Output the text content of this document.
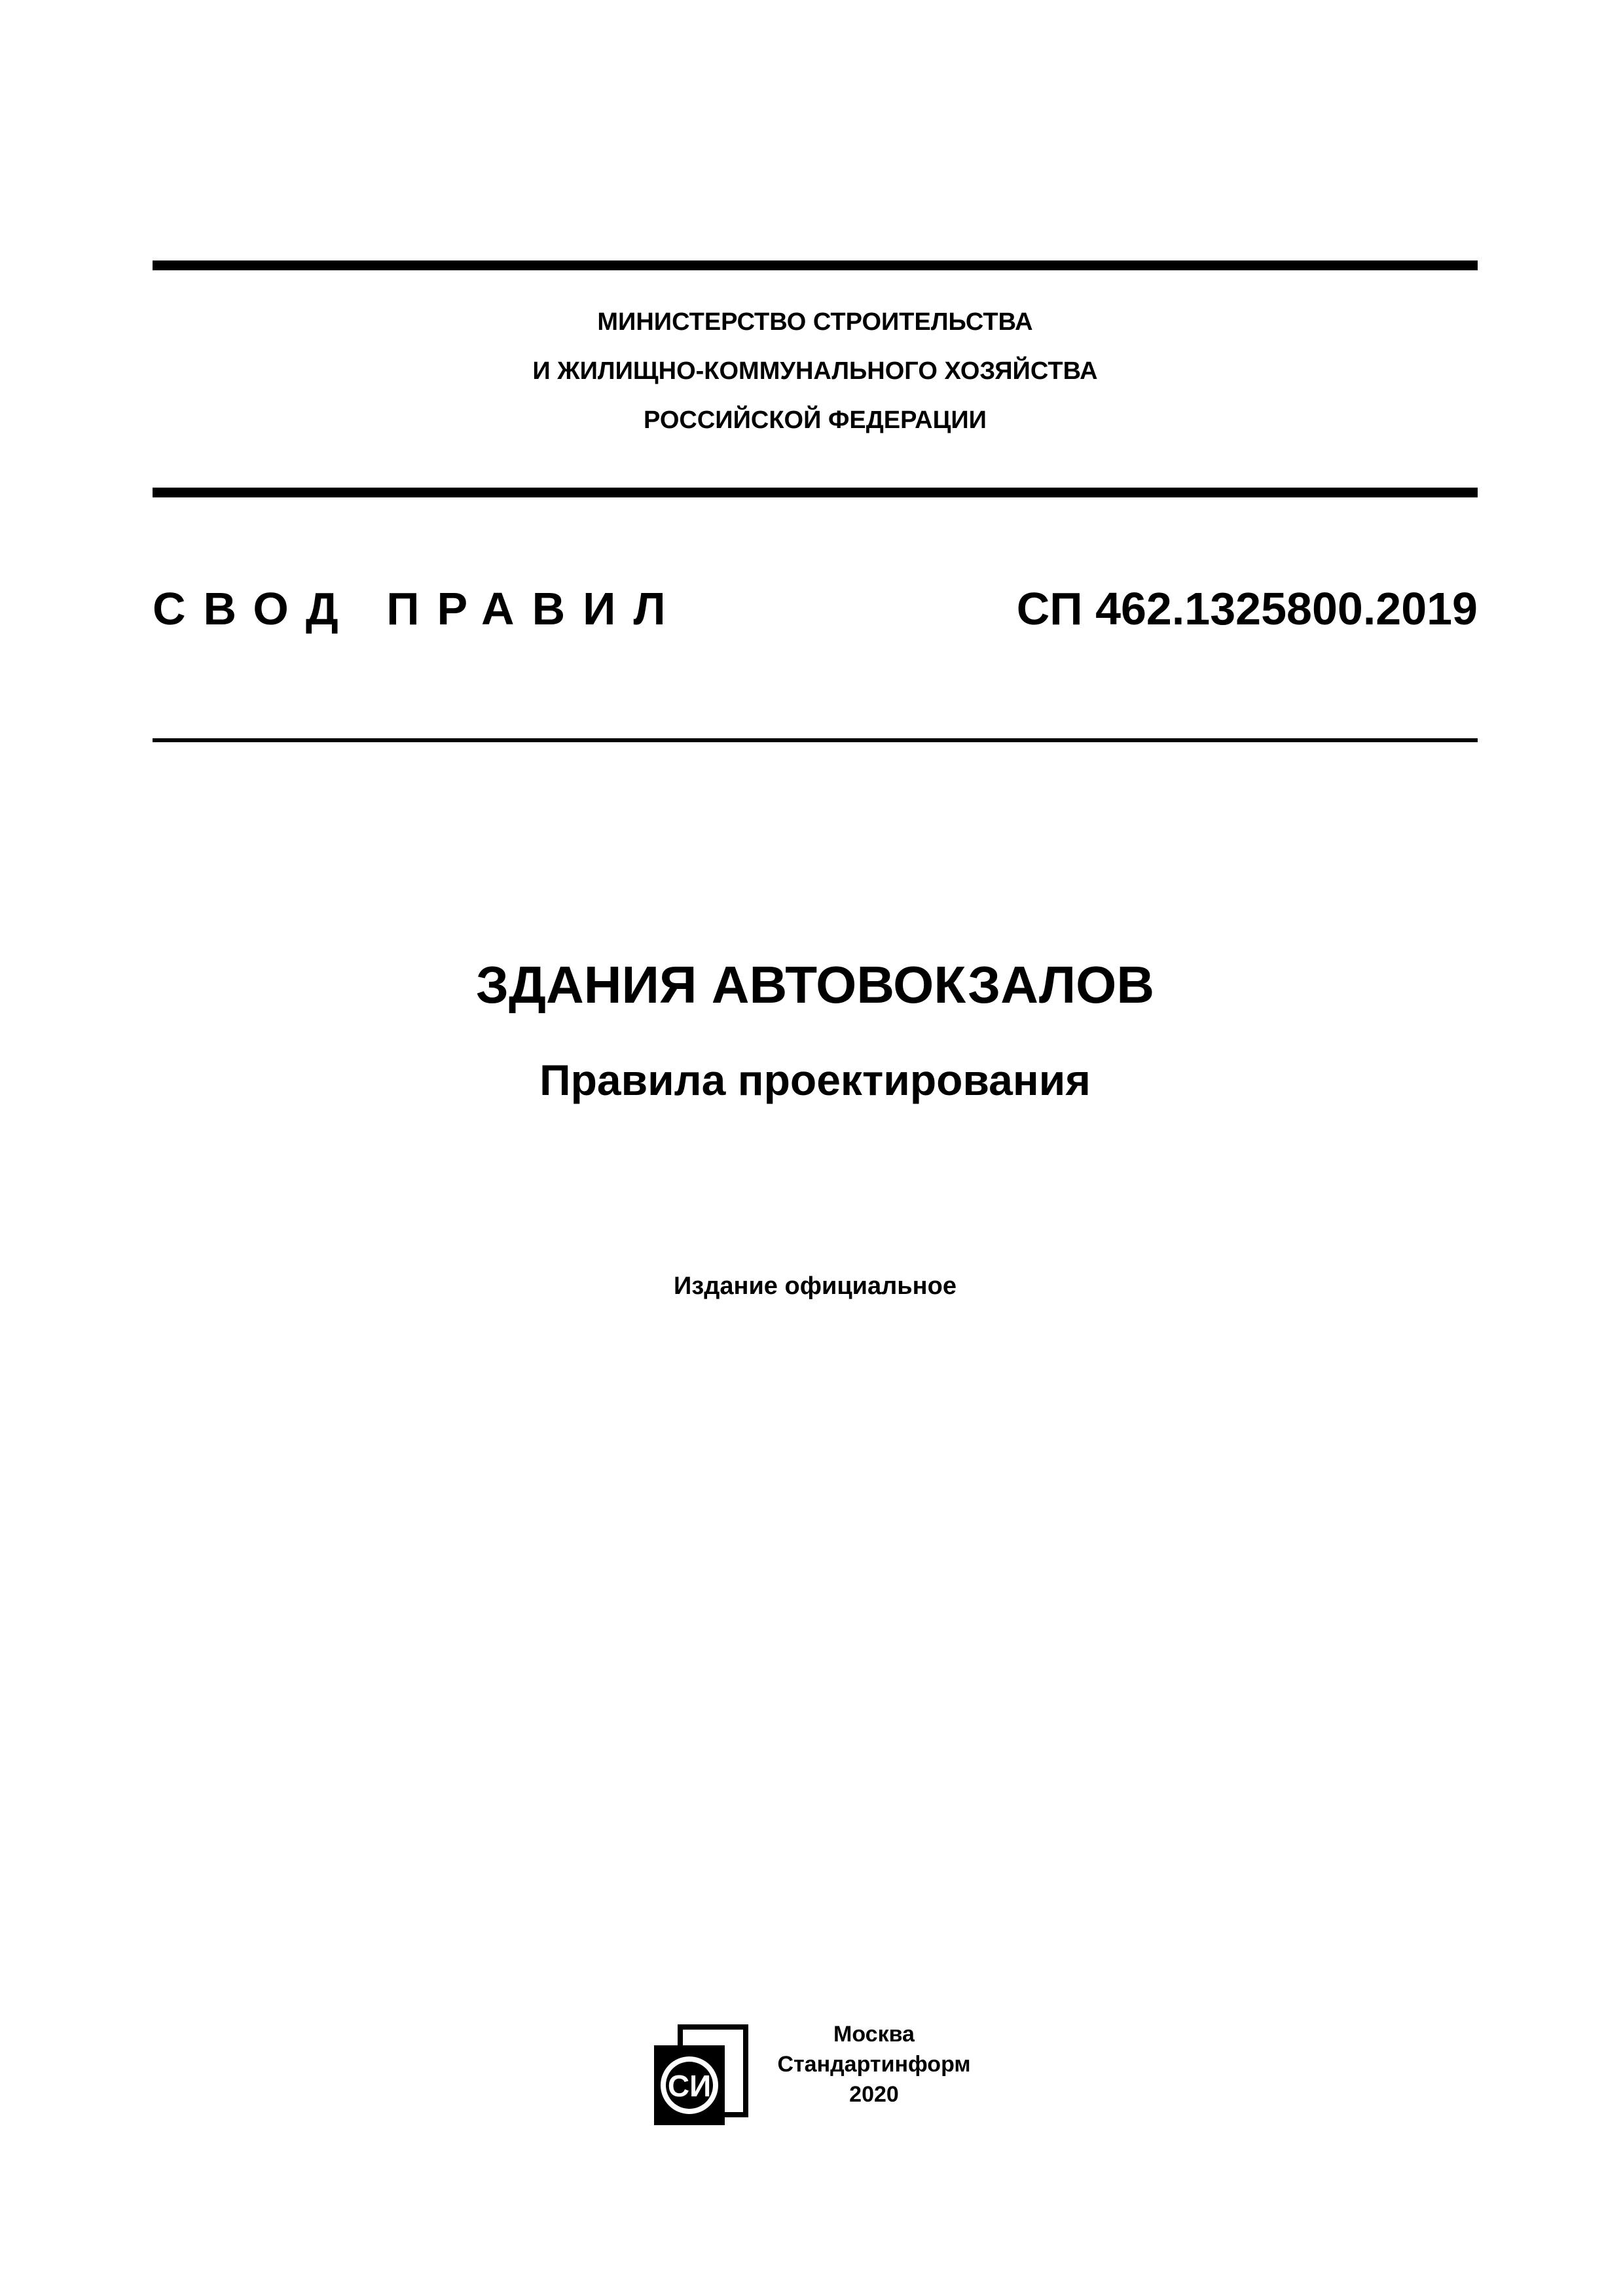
МИНИСТЕРСТВО СТРОИТЕЛЬСТВА
И ЖИЛИЩНО-КОММУНАЛЬНОГО ХОЗЯЙСТВА
РОССИЙСКОЙ ФЕДЕРАЦИИ
СВОД ПРАВИЛ	СП 462.1325800.2019
ЗДАНИЯ АВТОВОКЗАЛОВ
Правила проектирования
Издание официальное
СИ
Москва
Стандартинформ
2020
